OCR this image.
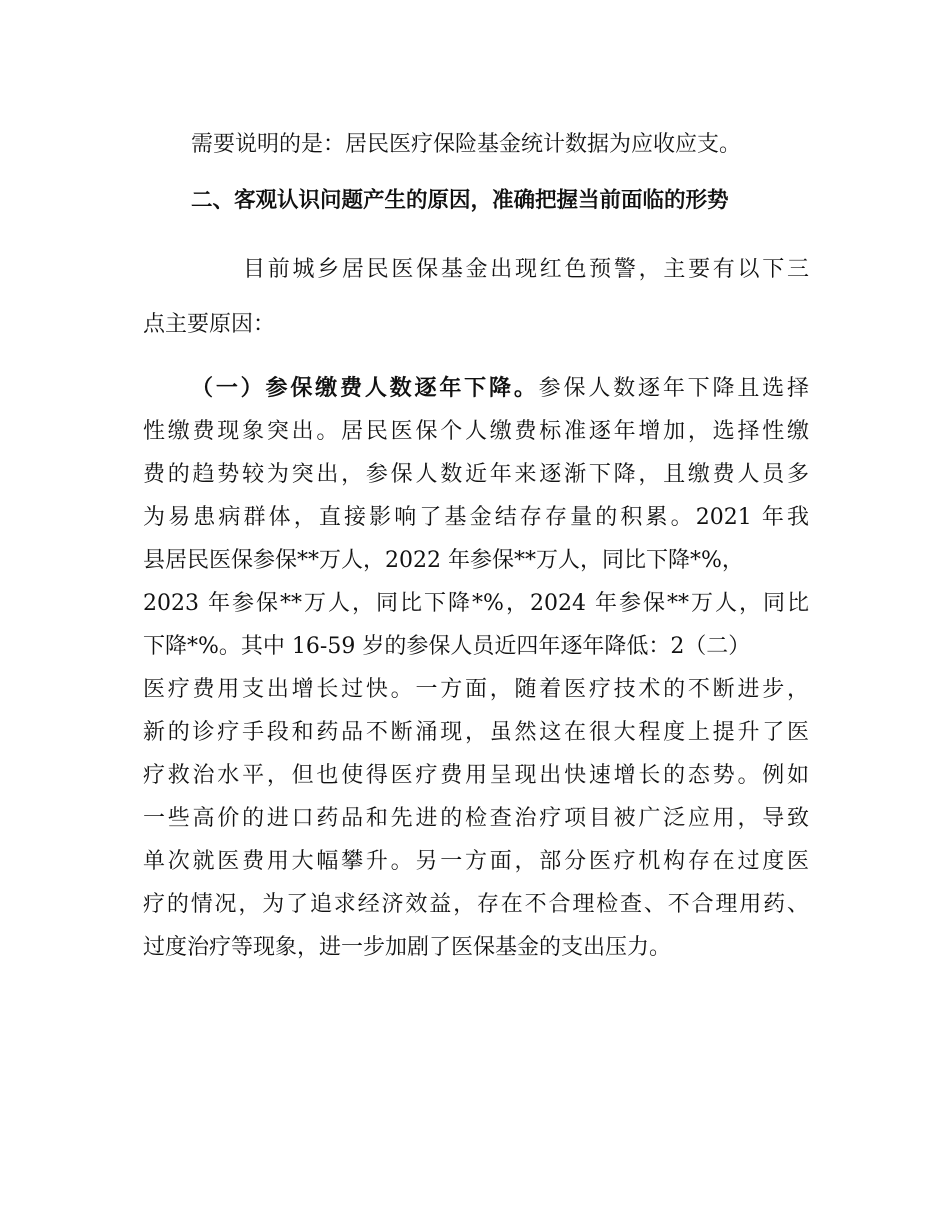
需要说明的是：居民医疗保险基金统计数据为应收应支。
二、客观认识问题产生的原因，准确把握当前面临的形势
目前城乡居民医保基金出现红色预警，主要有以下三
点主要原因：
（一）参保缴费人数逐年下降。参保人数逐年下降且选择
性缴费现象突出。居民医保个人缴费标准逐年增加，选择性缴
费的趋势较为突出，参保人数近年来逐渐下降，且缴费人员多
为易患病群体，直接影响了基金结存存量的积累。2021 年我
县居民医保参保**万人，2022 年参保**万人，同比下降*%，
2023 年参保**万人，同比下降*%，2024 年参保**万人，同比
下降*%。其中 16-59 岁的参保人员近四年逐年降低：2（二）
医疗费用支出增长过快。一方面，随着医疗技术的不断进步，
新的诊疗手段和药品不断涌现，虽然这在很大程度上提升了医
疗救治水平，但也使得医疗费用呈现出快速增长的态势。例如
一些高价的进口药品和先进的检查治疗项目被广泛应用，导致
单次就医费用大幅攀升。另一方面，部分医疗机构存在过度医
疗的情况，为了追求经济效益，存在不合理检查、不合理用药、
过度治疗等现象，进一步加剧了医保基金的支出压力。
